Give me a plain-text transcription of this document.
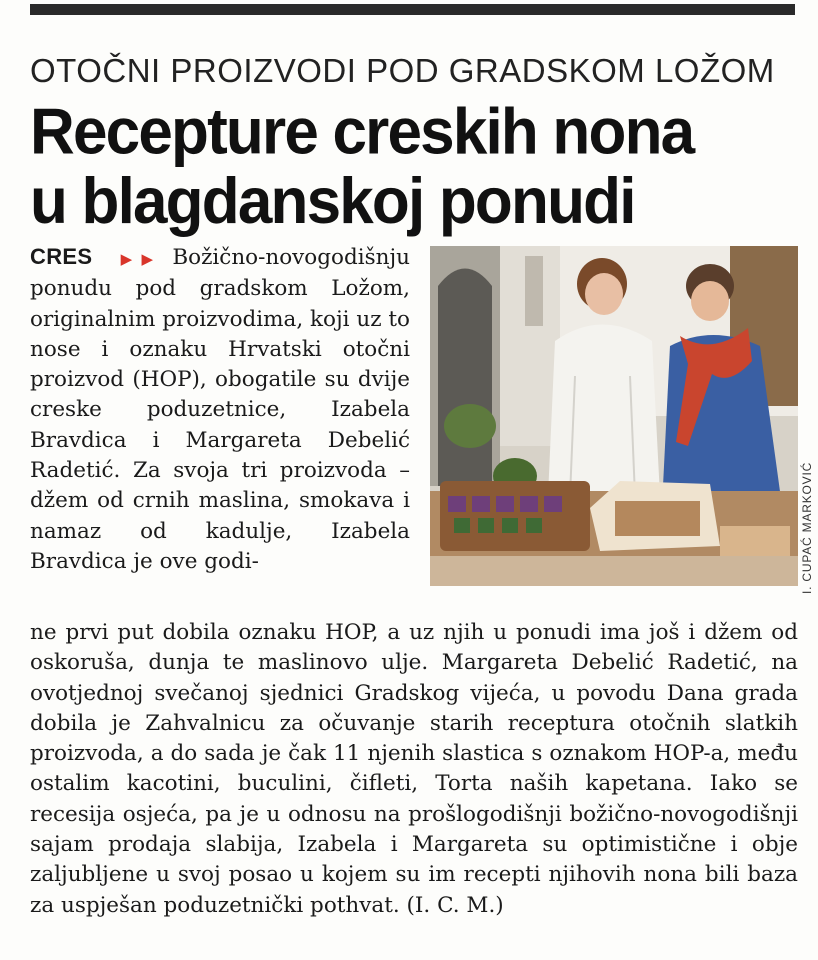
OTOČNI PROIZVODI POD GRADSKOM LOŽOM
Recepture creskih nona
u blagdanskoj ponudi
CRES ▶▶ Božično-novogodišnju ponudu pod gradskom Ložom, originalnim proizvodima, koji uz to nose i oznaku Hrvatski otočni proizvod (HOP), obogatile su dvije creske poduzetnice, Izabela Bravdica i Margareta Debelić Radetić. Za svoja tri proizvoda – džem od crnih maslina, smokava i namaz od kadulje, Izabela Bravdica je ove godi-	I. CUPAĆ MARKOVIĆ
ne prvi put dobila oznaku HOP, a uz njih u ponudi ima još i džem od oskoruša, dunja te maslinovo ulje. Margareta Debelić Radetić, na ovotjednoj svečanoj sjednici Gradskog vijeća, u povodu Dana grada dobila je Zahvalnicu za očuvanje starih receptura otočnih slatkih proizvoda, a do sada je čak 11 njenih slastica s oznakom HOP-a, među ostalim kacotini, buculini, čifleti, Torta naših kapetana. Iako se recesija osjeća, pa je u odnosu na prošlogodišnji božično-novogodišnji sajam prodaja slabija, Izabela i Margareta su optimistične i obje zaljubljene u svoj posao u kojem su im recepti njihovih nona bili baza za uspješan poduzetnički pothvat. (I. C. M.)
